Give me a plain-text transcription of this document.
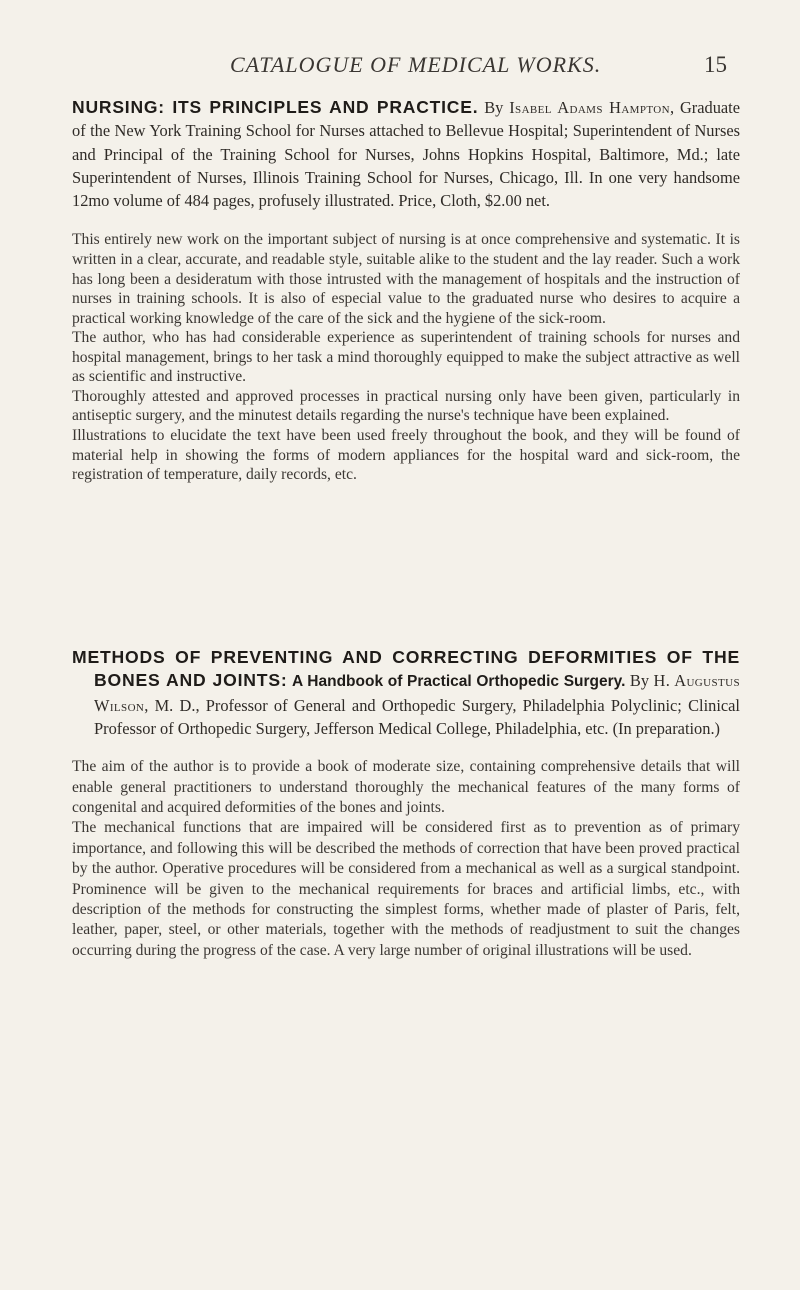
CATALOGUE OF MEDICAL WORKS.	15
NURSING: ITS PRINCIPLES AND PRACTICE. By Isabel Adams Hampton, Graduate of the New York Training School for Nurses attached to Bellevue Hospital; Superintendent of Nurses and Principal of the Training School for Nurses, Johns Hopkins Hospital, Baltimore, Md.; late Superintendent of Nurses, Illinois Training School for Nurses, Chicago, Ill. In one very handsome 12mo volume of 484 pages, profusely illustrated. Price, Cloth, $2.00 net.

This entirely new work on the important subject of nursing is at once comprehensive and systematic. It is written in a clear, accurate, and readable style, suitable alike to the student and the lay reader. Such a work has long been a desideratum with those intrusted with the management of hospitals and the instruction of nurses in training schools. It is also of especial value to the graduated nurse who desires to acquire a practical working knowledge of the care of the sick and the hygiene of the sick-room.

The author, who has had considerable experience as superintendent of training schools for nurses and hospital management, brings to her task a mind thoroughly equipped to make the subject attractive as well as scientific and instructive.

Thoroughly attested and approved processes in practical nursing only have been given, particularly in antiseptic surgery, and the minutest details regarding the nurse's technique have been explained.

Illustrations to elucidate the text have been used freely throughout the book, and they will be found of material help in showing the forms of modern appliances for the hospital ward and sick-room, the registration of temperature, daily records, etc.

METHODS OF PREVENTING AND CORRECTING DEFORMITIES OF THE BONES AND JOINTS: A Handbook of Practical Orthopedic Surgery. By H. Augustus Wilson, M. D., Professor of General and Orthopedic Surgery, Philadelphia Polyclinic; Clinical Professor of Orthopedic Surgery, Jefferson Medical College, Philadelphia, etc. (In preparation.)

The aim of the author is to provide a book of moderate size, containing comprehensive details that will enable general practitioners to understand thoroughly the mechanical features of the many forms of congenital and acquired deformities of the bones and joints.

The mechanical functions that are impaired will be considered first as to prevention as of primary importance, and following this will be described the methods of correction that have been proved practical by the author. Operative procedures will be considered from a mechanical as well as a surgical standpoint. Prominence will be given to the mechanical requirements for braces and artificial limbs, etc., with description of the methods for constructing the simplest forms, whether made of plaster of Paris, felt, leather, paper, steel, or other materials, together with the methods of readjustment to suit the changes occurring during the progress of the case. A very large number of original illustrations will be used.
